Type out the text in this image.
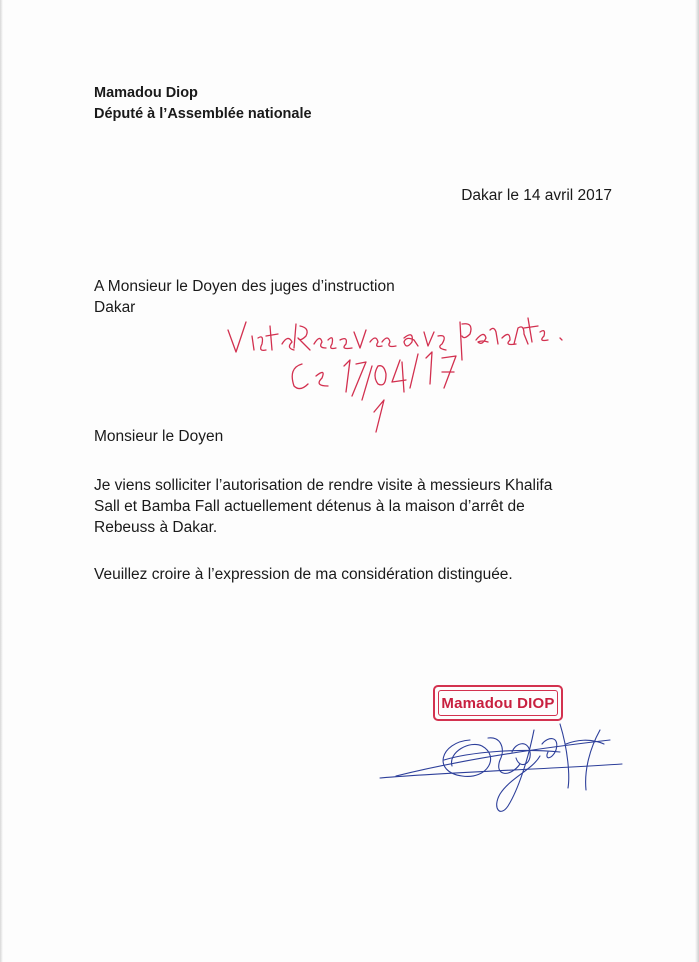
Mamadou Diop
Député à l’Assemblée nationale
Dakar le 14 avril 2017
A Monsieur le Doyen des juges d’instruction
Dakar
Monsieur le Doyen
Je viens solliciter l’autorisation de rendre visite à messieurs Khalifa
Sall et Bamba Fall actuellement détenus à la maison d’arrêt de
Rebeuss à Dakar.
Veuillez croire à l’expression de ma considération distinguée.
Mamadou DIOP
